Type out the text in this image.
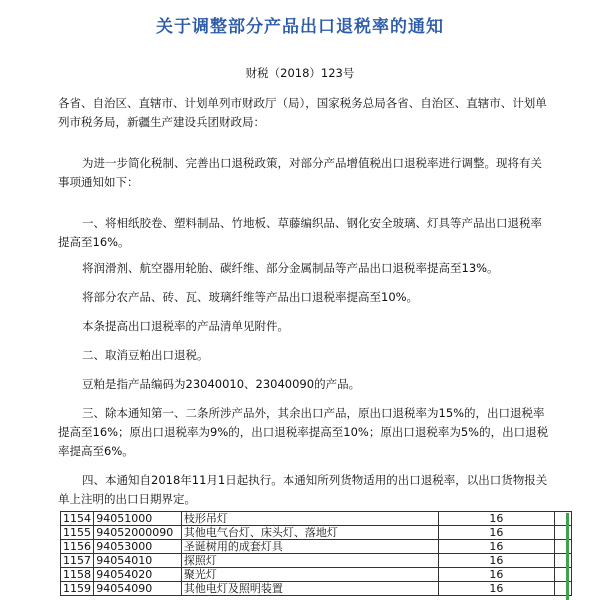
关于调整部分产品出口退税率的通知
财税（2018）123号

各省、自治区、直辖市、计划单列市财政厅（局），国家税务总局各省、自治区、直辖市、计划单列市税务局，新疆生产建设兵团财政局：

为进一步简化税制、完善出口退税政策，对部分产品增值税出口退税率进行调整。现将有关事项通知如下：

一、将相纸胶卷、塑料制品、竹地板、草藤编织品、钢化安全玻璃、灯具等产品出口退税率提高至16%。

将润滑剂、航空器用轮胎、碳纤维、部分金属制品等产品出口退税率提高至13%。

将部分农产品、砖、瓦、玻璃纤维等产品出口退税率提高至10%。

本条提高出口退税率的产品清单见附件。

二、取消豆粕出口退税。

豆粕是指产品编码为23040010、23040090的产品。

三、除本通知第一、二条所涉产品外，其余出口产品，原出口退税率为15%的，出口退税率提高至16%；原出口退税率为9%的，出口退税率提高至10%；原出口退税率为5%的，出口退税率提高至6%。

四、本通知自2018年11月1日起执行。本通知所列货物适用的出口退税率，以出口货物报关单上注明的出口日期界定。

1154	94051000	枝形吊灯	16	
1155	94052000090	其他电气台灯、床头灯、落地灯	16	
1156	94053000	圣诞树用的成套灯具	16	
1157	94054010	探照灯	16	
1158	94054020	聚光灯	16	
1159	94054090	其他电灯及照明装置	16	
